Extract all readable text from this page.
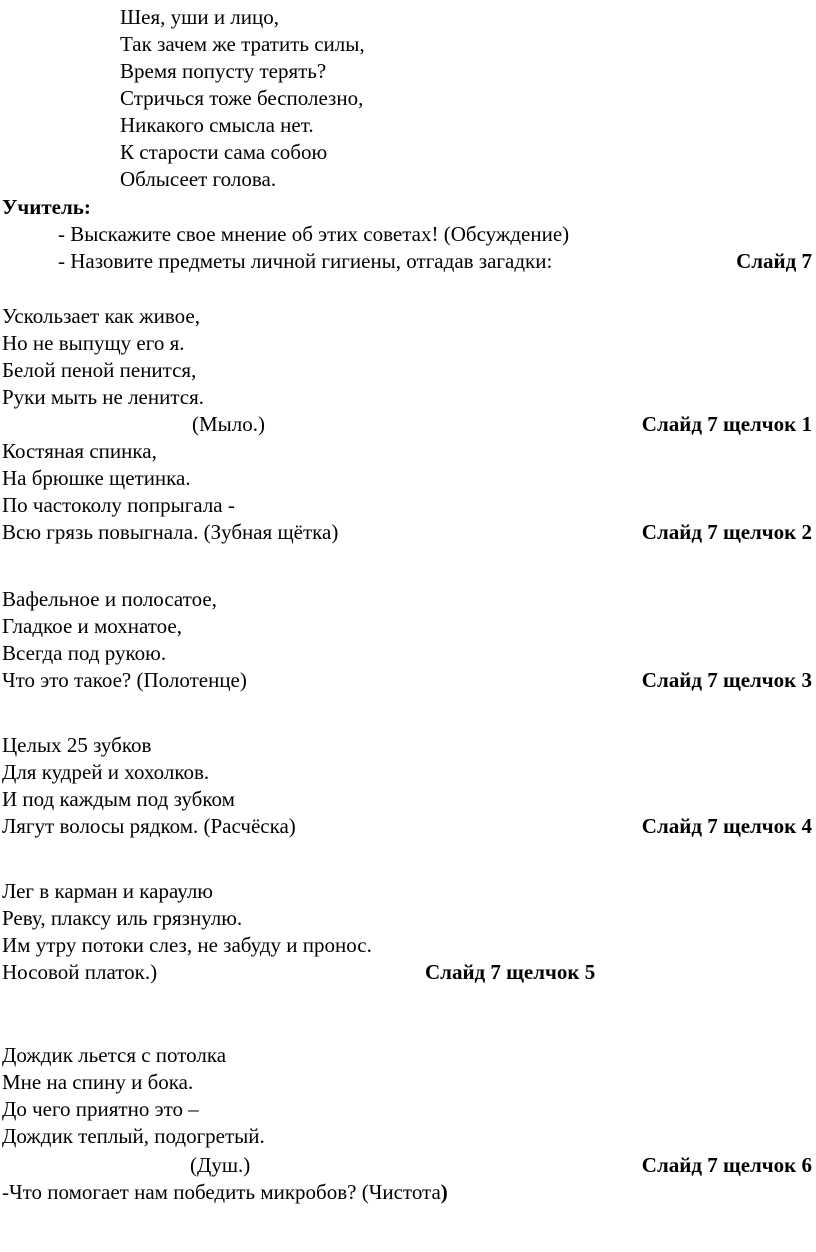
Шея, уши и лицо,
Так зачем же тратить силы,
Время попусту терять?
Стричься тоже бесполезно,
Никакого смысла нет.
К старости сама собою
Облысеет голова.
Учитель:
- Выскажите свое мнение об этих советах! (Обсуждение)
- Назовите предметы личной гигиены, отгадав загадки:	Слайд 7
Ускользает как живое,
Но не выпущу его я.
Белой пеной пенится,
Руки мыть не ленится.
(Мыло.)	Слайд 7 щелчок 1
Костяная спинка,
На брюшке щетинка.
По частоколу попрыгала -
Всю грязь повыгнала. (Зубная щётка)	Слайд 7 щелчок 2
Вафельное и полосатое,
Гладкое и мохнатое,
Всегда под рукою.
Что это такое? (Полотенце)	Слайд 7 щелчок 3
Целых 25 зубков
Для кудрей и хохолков.
И под каждым под зубком
Лягут волосы рядком. (Расчёска)	Слайд 7 щелчок 4
Лег в карман и караулю
Реву, плаксу иль грязнулю.
Им утру потоки слез, не забуду и пронос.
Носовой платок.)	Слайд 7 щелчок 5
Дождик льется с потолка
Мне на спину и бока.
До чего приятно это –
Дождик теплый, подогретый.
(Душ.)	Слайд 7 щелчок 6
-Что помогает нам победить микробов? (Чистота)
